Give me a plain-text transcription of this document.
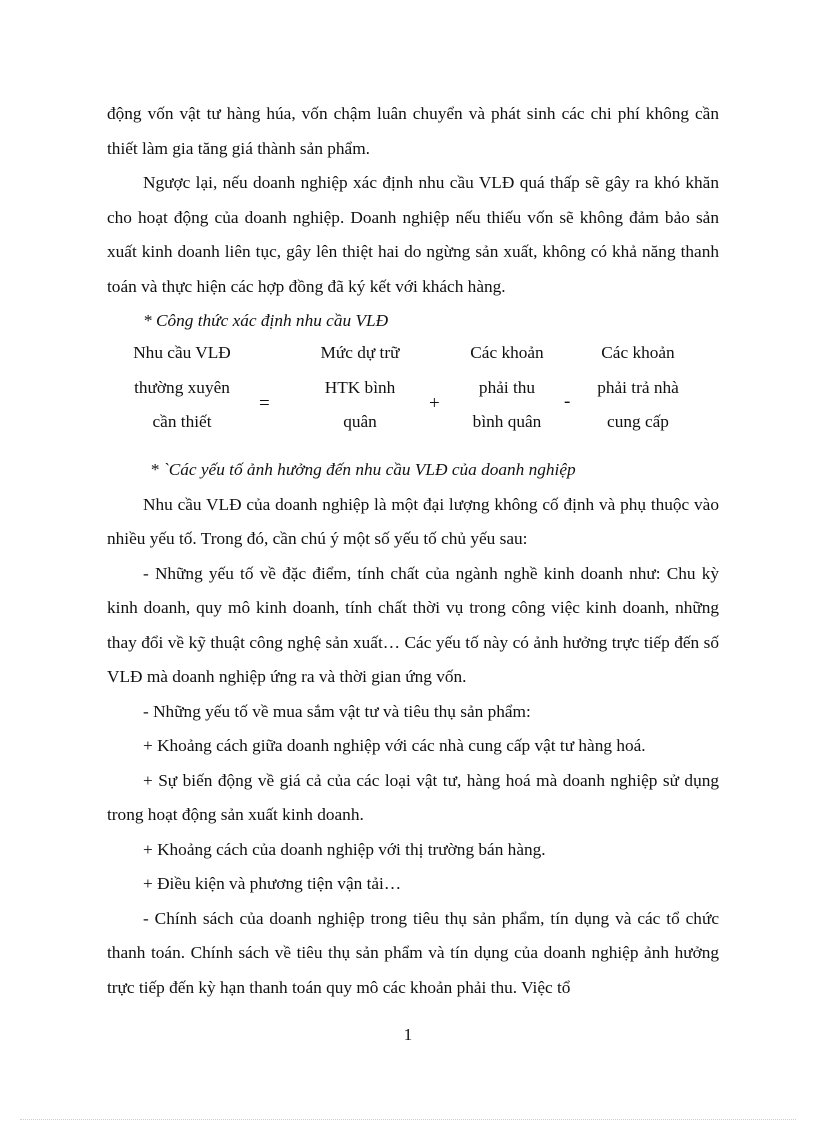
động vốn vật tư hàng húa, vốn chậm luân chuyển và phát sinh các chi phí không cần thiết làm gia tăng giá thành sản phẩm.

Ngược lại, nếu doanh nghiệp xác định nhu cầu VLĐ quá thấp sẽ gây ra khó khăn cho hoạt động của doanh nghiệp. Doanh nghiệp nếu thiếu vốn sẽ không đảm bảo sản xuất kinh doanh liên tục, gây lên thiệt hai do ngừng sản xuất, không có khả năng thanh toán và thực hiện các hợp đồng đã ký kết với khách hàng.

* Công thức xác định nhu cầu VLĐ

Nhu cầu VLĐ
thường xuyên
cần thiết
=
Mức dự trữ
HTK bình
quân
+
Các khoản
phải thu
bình quân
-
Các khoản
phải trả nhà
cung cấp

* `Các yếu tố ảnh hưởng đến nhu cầu VLĐ của doanh nghiệp

Nhu cầu VLĐ của doanh nghiệp là một đại lượng không cố định và phụ thuộc vào nhiều yếu tố. Trong đó, cần chú ý một số yếu tố chủ yếu sau:

- Những yếu tố về đặc điểm, tính chất của ngành nghề kinh doanh như: Chu kỳ kinh doanh, quy mô kinh doanh, tính chất thời vụ trong công việc kinh doanh, những thay đổi về kỹ thuật công nghệ sản xuất… Các yếu tố này có ảnh hưởng trực tiếp đến số VLĐ mà doanh nghiệp ứng ra và thời gian ứng vốn.

- Những yếu tố về mua sắm vật tư và tiêu thụ sản phẩm:

+ Khoảng cách giữa doanh nghiệp với các nhà cung cấp vật tư hàng hoá.

+ Sự biến động về giá cả của các loại vật tư, hàng hoá mà doanh nghiệp sử dụng trong hoạt động sản xuất kinh doanh.

+ Khoảng cách của doanh nghiệp với thị trường bán hàng.

+ Điều kiện và phương tiện vận tải…

- Chính sách của doanh nghiệp trong tiêu thụ sản phẩm, tín dụng và các tổ chức thanh toán. Chính sách về tiêu thụ sản phẩm và tín dụng của doanh nghiệp ảnh hưởng trực tiếp đến kỳ hạn thanh toán quy mô các khoản phải thu. Việc tổ

1
